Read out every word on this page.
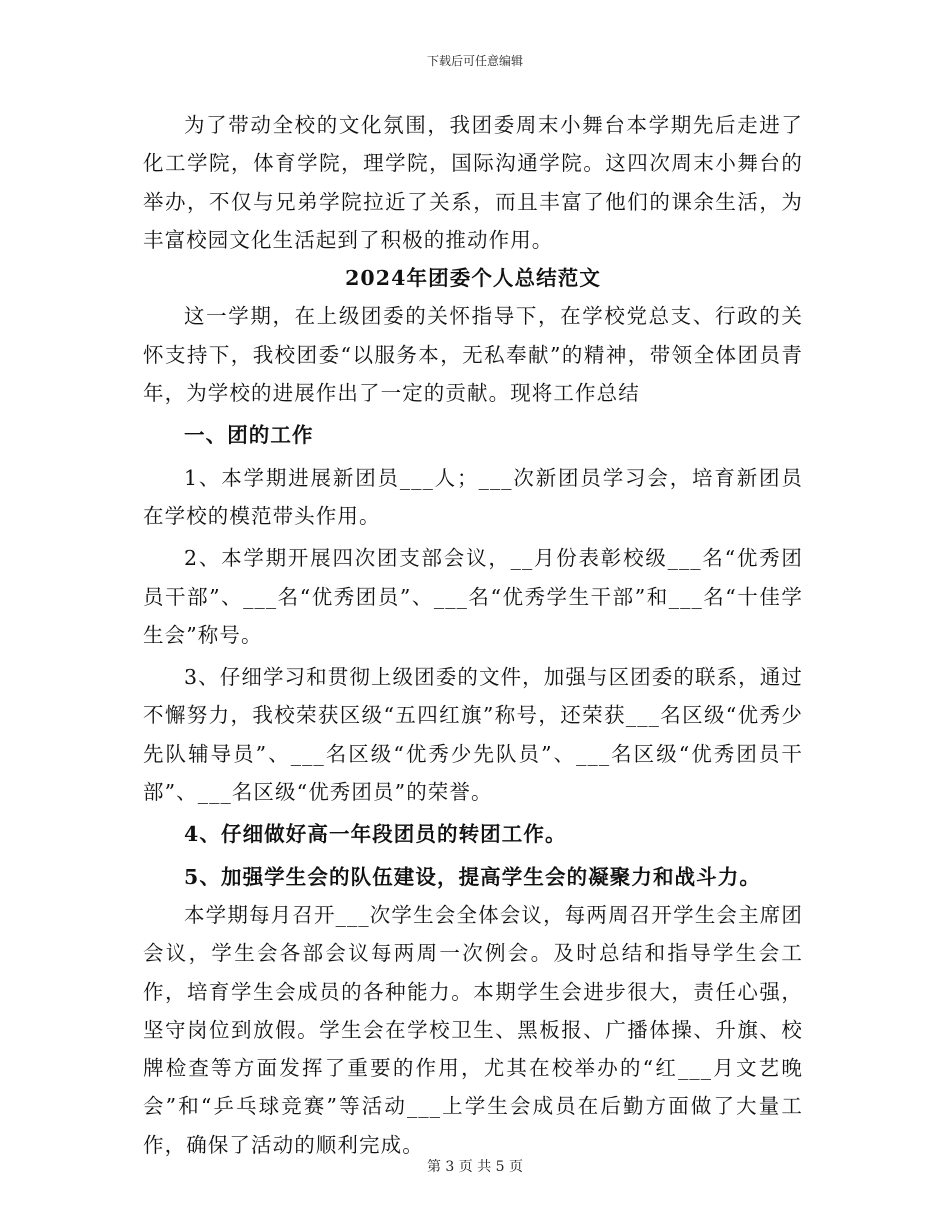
下载后可任意编辑

为了带动全校的文化氛围，我团委周末小舞台本学期先后走进了化工学院，体育学院，理学院，国际沟通学院。这四次周末小舞台的举办，不仅与兄弟学院拉近了关系，而且丰富了他们的课余生活，为丰富校园文化生活起到了积极的推动作用。

2024年团委个人总结范文

这一学期，在上级团委的关怀指导下，在学校党总支、行政的关怀支持下，我校团委“以服务本，无私奉献”的精神，带领全体团员青年，为学校的进展作出了一定的贡献。现将工作总结

一、团的工作

1、本学期进展新团员___人；___次新团员学习会，培育新团员在学校的模范带头作用。

2、本学期开展四次团支部会议，__月份表彰校级___名“优秀团员干部”、___名“优秀团员”、___名“优秀学生干部”和___名“十佳学生会”称号。

3、仔细学习和贯彻上级团委的文件，加强与区团委的联系，通过不懈努力，我校荣获区级“五四红旗”称号，还荣获___名区级“优秀少先队辅导员”、___名区级“优秀少先队员”、___名区级“优秀团员干部”、___名区级“优秀团员”的荣誉。

4、仔细做好高一年段团员的转团工作。

5、加强学生会的队伍建设，提高学生会的凝聚力和战斗力。

本学期每月召开___次学生会全体会议，每两周召开学生会主席团会议，学生会各部会议每两周一次例会。及时总结和指导学生会工作，培育学生会成员的各种能力。本期学生会进步很大，责任心强，坚守岗位到放假。学生会在学校卫生、黑板报、广播体操、升旗、校牌检查等方面发挥了重要的作用，尤其在校举办的“红___月文艺晚会”和“乒乓球竞赛”等活动___上学生会成员在后勤方面做了大量工作，确保了活动的顺利完成。

第 3 页 共 5 页
